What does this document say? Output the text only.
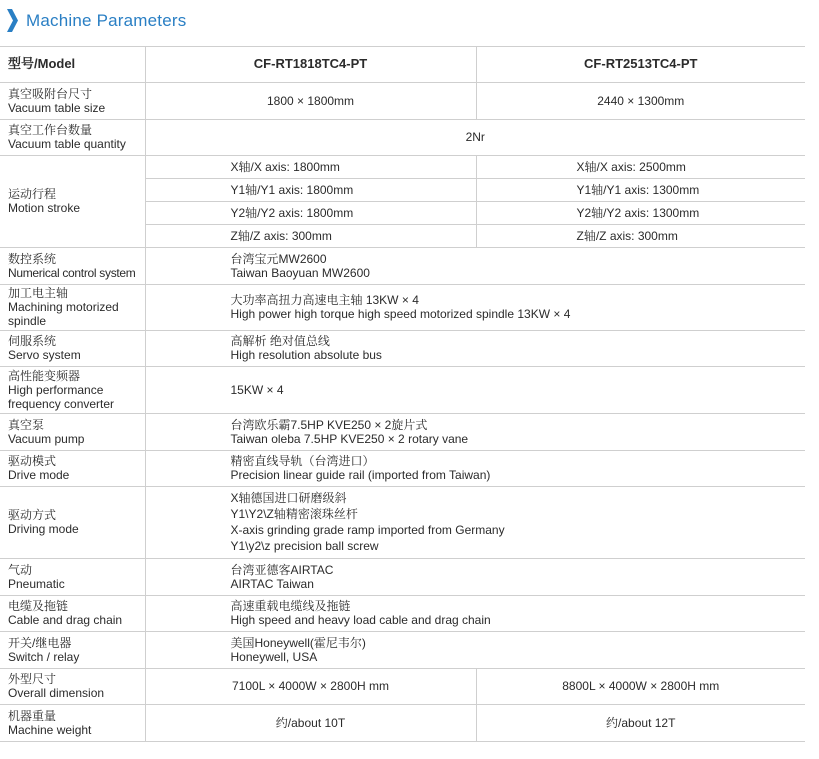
Machine Parameters
型号/Model	CF-RT1818TC4-PT	CF-RT2513TC4-PT

真空吸附台尺寸
Vacuum table size	1800 × 1800mm	2440 × 1300mm

真空工作台数量
Vacuum table quantity	2Nr	

运动行程
Motion stroke	X轴/X axis: 1800mm	X轴/X axis: 2500mm
	Y1轴/Y1 axis: 1800mm	Y1轴/Y1 axis: 1300mm
	Y2轴/Y2 axis: 1800mm	Y2轴/Y2 axis: 1300mm
	Z轴/Z axis: 300mm	Z轴/Z axis: 300mm

数控系统
Numerical control system	台湾宝元MW2600
Taiwan Baoyuan MW2600	

加工电主轴
Machining motorized
spindle	大功率高扭力高速电主轴 13KW × 4
High power high torque high speed motorized spindle 13KW × 4	

伺服系统
Servo system	高解析 绝对值总线
High resolution absolute bus	

高性能变频器
High performance
frequency converter	15KW × 4	

真空泵
Vacuum pump	台湾欧乐霸7.5HP KVE250 × 2旋片式
Taiwan oleba 7.5HP KVE250 × 2 rotary vane	

驱动模式
Drive mode	精密直线导轨（台湾进口）
Precision linear guide rail (imported from Taiwan)	

驱动方式
Driving mode	X轴德国进口研磨级斜
Y1\Y2\Z轴精密滚珠丝杆
X-axis grinding grade ramp imported from Germany
Y1\y2\z precision ball screw	

气动
Pneumatic	台湾亚德客AIRTAC
AIRTAC Taiwan	

电缆及拖链
Cable and drag chain	高速重载电缆线及拖链
High speed and heavy load cable and drag chain	

开关/继电器
Switch / relay	美国Honeywell(霍尼韦尔)
Honeywell, USA	

外型尺寸
Overall dimension	7100L × 4000W × 2800H mm	8800L × 4000W × 2800H mm

机器重量
Machine weight	约/about 10T	约/about 12T
